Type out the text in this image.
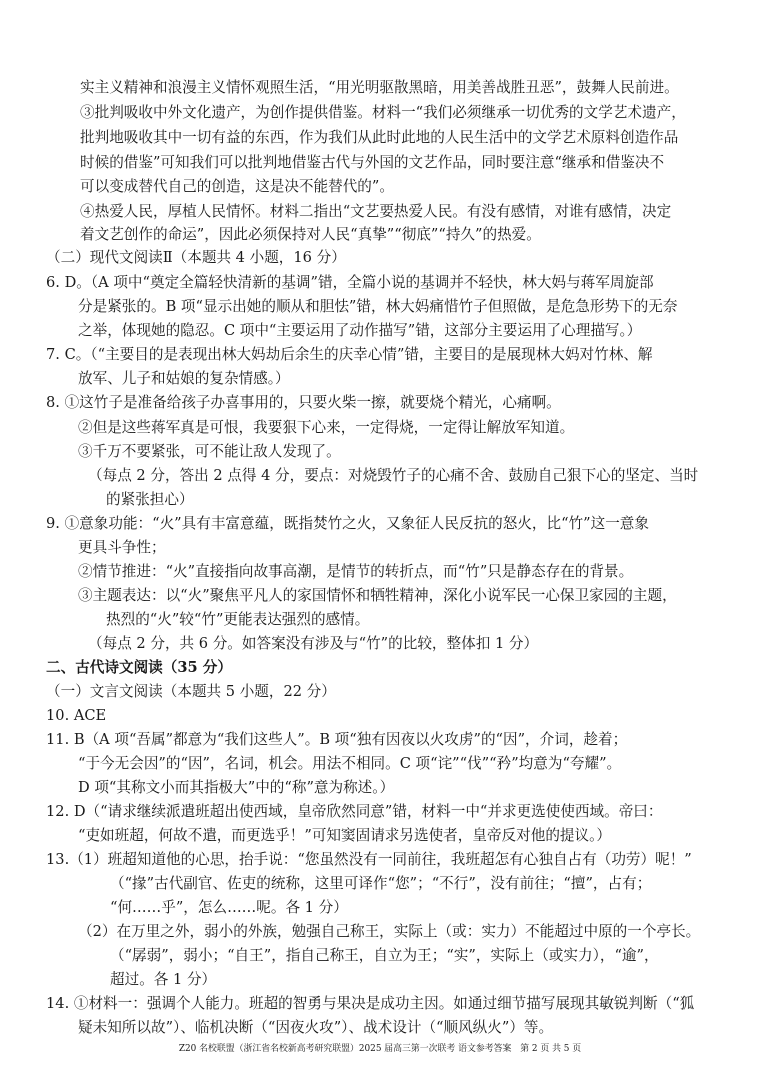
实主义精神和浪漫主义情怀观照生活，“用光明驱散黑暗，用美善战胜丑恶”，鼓舞人民前进。
③批判吸收中外文化遗产，为创作提供借鉴。材料一“我们必须继承一切优秀的文学艺术遗产，
批判地吸收其中一切有益的东西，作为我们从此时此地的人民生活中的文学艺术原料创造作品
时候的借鉴”可知我们可以批判地借鉴古代与外国的文艺作品，同时要注意“继承和借鉴决不
可以变成替代自己的创造，这是决不能替代的”。
④热爱人民，厚植人民情怀。材料二指出“文艺要热爱人民。有没有感情，对谁有感情，决定
着文艺创作的命运”，因此必须保持对人民“真挚”“彻底”“持久”的热爱。
（二）现代文阅读Ⅱ（本题共 4 小题，16 分）
6. D。（A 项中“奠定全篇轻快清新的基调”错，全篇小说的基调并不轻快，林大妈与蒋军周旋部
分是紧张的。B 项“显示出她的顺从和胆怯”错，林大妈痛惜竹子但照做，是危急形势下的无奈
之举，体现她的隐忍。C 项中“主要运用了动作描写”错，这部分主要运用了心理描写。）
7. C。（“主要目的是表现出林大妈劫后余生的庆幸心情”错，主要目的是展现林大妈对竹林、解
放军、儿子和姑娘的复杂情感。）
8. ①这竹子是准备给孩子办喜事用的，只要火柴一擦，就要烧个精光，心痛啊。
②但是这些蒋军真是可恨，我要狠下心来，一定得烧，一定得让解放军知道。
③千万不要紧张，可不能让敌人发现了。
（每点 2 分，答出 2 点得 4 分，要点：对烧毁竹子的心痛不舍、鼓励自己狠下心的坚定、当时
的紧张担心）
9. ①意象功能：“火”具有丰富意蕴，既指焚竹之火，又象征人民反抗的怒火，比“竹”这一意象
更具斗争性；
②情节推进：“火”直接指向故事高潮，是情节的转折点，而“竹”只是静态存在的背景。
③主题表达：以“火”聚焦平凡人的家国情怀和牺牲精神，深化小说军民一心保卫家园的主题，
热烈的“火”较“竹”更能表达强烈的感情。
（每点 2 分，共 6 分。如答案没有涉及与“竹”的比较，整体扣 1 分）
二、古代诗文阅读（35 分）
（一）文言文阅读（本题共 5 小题，22 分）
10. ACE
11. B（A 项“吾属”都意为“我们这些人”。B 项“独有因夜以火攻虏”的“因”，介词，趁着；
“于今无会因”的“因”，名词，机会。用法不相同。C 项“诧”“伐”“矜”均意为“夸耀”。
D 项“其称文小而其指极大”中的“称”意为称述。）
12. D（“请求继续派遣班超出使西域，皇帝欣然同意”错，材料一中“并求更选使使西域。帝曰：
“吏如班超，何故不遣，而更选乎！”可知窦固请求另选使者，皇帝反对他的提议。）
13.（1）班超知道他的心思，抬手说：“您虽然没有一同前往，我班超怎有心独自占有（功劳）呢！”
（“掾”古代副官、佐吏的统称，这里可译作“您”；“不行”，没有前往；“擅”，占有；
“何……乎”，怎么……呢。各 1 分）
（2）在万里之外，弱小的外族，勉强自己称王，实际上（或：实力）不能超过中原的一个亭长。
（“孱弱”，弱小；“自王”，指自己称王，自立为王；“实”，实际上（或实力），“逾”，
超过。各 1 分）
14. ①材料一：强调个人能力。班超的智勇与果决是成功主因。如通过细节描写展现其敏锐判断（“狐
疑未知所以故”）、临机决断（“因夜火攻”）、战术设计（“顺风纵火”）等。
Z20 名校联盟（浙江省名校新高考研究联盟）2025 届高三第一次联考 语文参考答案　第 2 页 共 5 页
